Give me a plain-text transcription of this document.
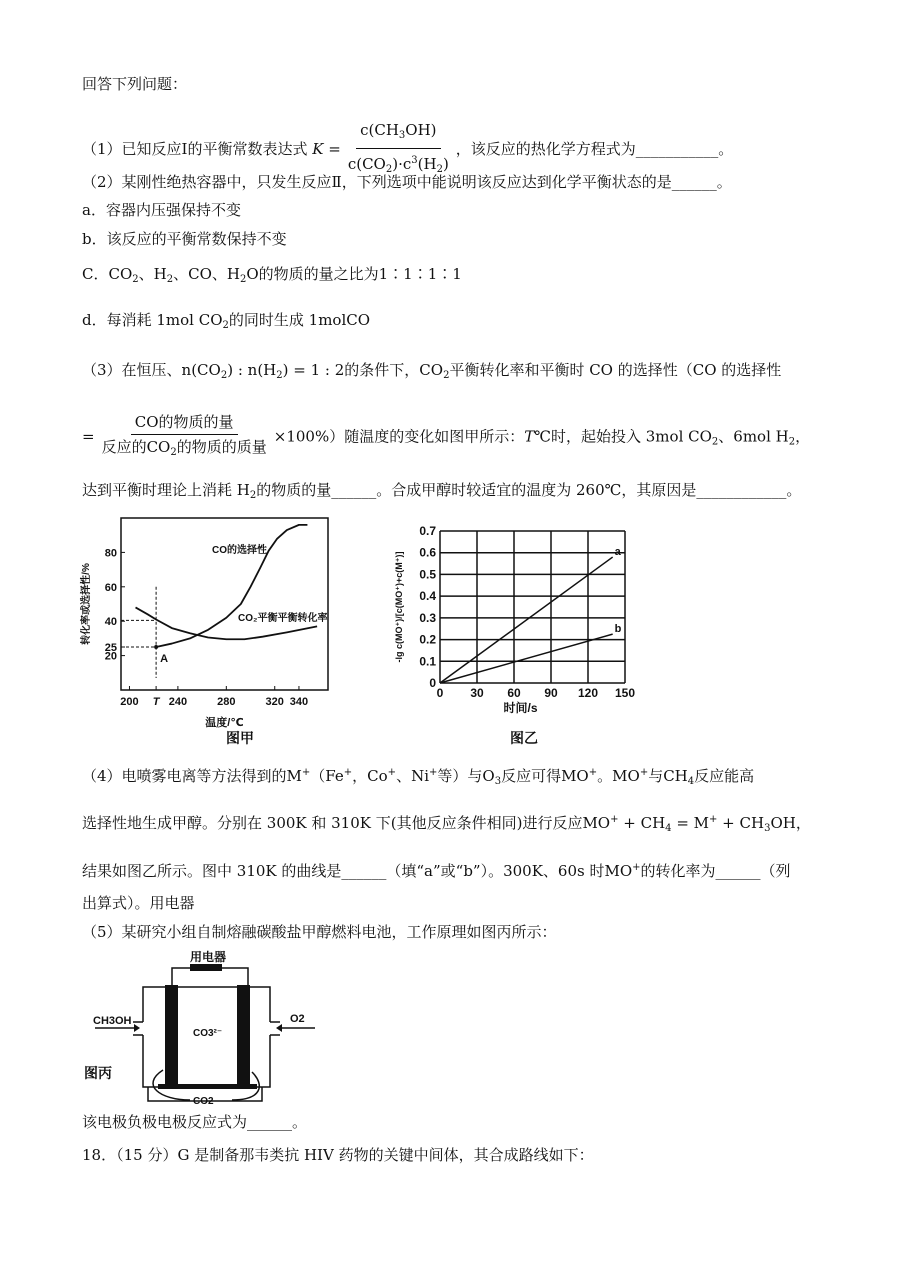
回答下列问题：
（1）已知反应Ⅰ的平衡常数表达式 $K = \frac{c(CH_3OH)}{c(CO_2)\cdot c^3(H_2)}$ ，该反应的热化学方程式为___________。
（2）某刚性绝热容器中，只发生反应Ⅱ，下列选项中能说明该反应达到化学平衡状态的是______。
a．容器内压强保持不变
b．该反应的平衡常数保持不变
C．$CO_2$、$H_2$、CO、$H_2O$的物质的量之比为1∶1∶1∶1
d．每消耗 1mol $CO_2$的同时生成 1molCO
（3）在恒压、$n(CO_2)$ : $n(H_2) = 1$ : 2的条件下，$CO_2$平衡转化率和平衡时 CO 的选择性（CO 的选择性
= $\frac{\text{CO的物质的量}}{反应的CO_2的物质的质量} \times 100\%$）随温度的变化如图甲所示：T℃时，起始投入 3mol $CO_2$、6mol $H_2$，
达到平衡时理论上消耗 $H_2$的物质的量______。合成甲醇时较适宜的温度为 260℃，其原因是____________。
（4）电喷雾电离等方法得到的M+（Fe+，Co+、Ni+等）与$O_3$反应可得MO+。MO+与$CH_4$反应能高
选择性地生成甲醇。分别在 300K 和 310K 下(其他反应条件相同)进行反应$MO^+ + CH_4 = M^+ + CH_3OH$，
结果如图乙所示。图中 310K 的曲线是______（填“a”或“b”）。300K、60s 时MO+的转化率为______（列
出算式）。用电器
（5）某研究小组自制熔融碳酸盐甲醇燃料电池，工作原理如图丙所示：
该电极负极电极反应式为______。
18．（15 分）G 是制备那韦类抗 HIV 药物的关键中间体，其合成路线如下：
200 T 240	280	320 340
20
25
40
60
80
温度/℃
转化率或选择性/%
A
CO的选择性
CO₂平衡平衡转化率
0 30 60 90 120 150
0
0.1
0.2
0.3
0.4
0.5
0.6
0.7
时间/s
-lg c(MO⁺)/[c(MO⁺)+c(M⁺)]	a
b
图甲	图乙
用电器
CH3OH	O2
CO3²⁻
CO2
图丙
